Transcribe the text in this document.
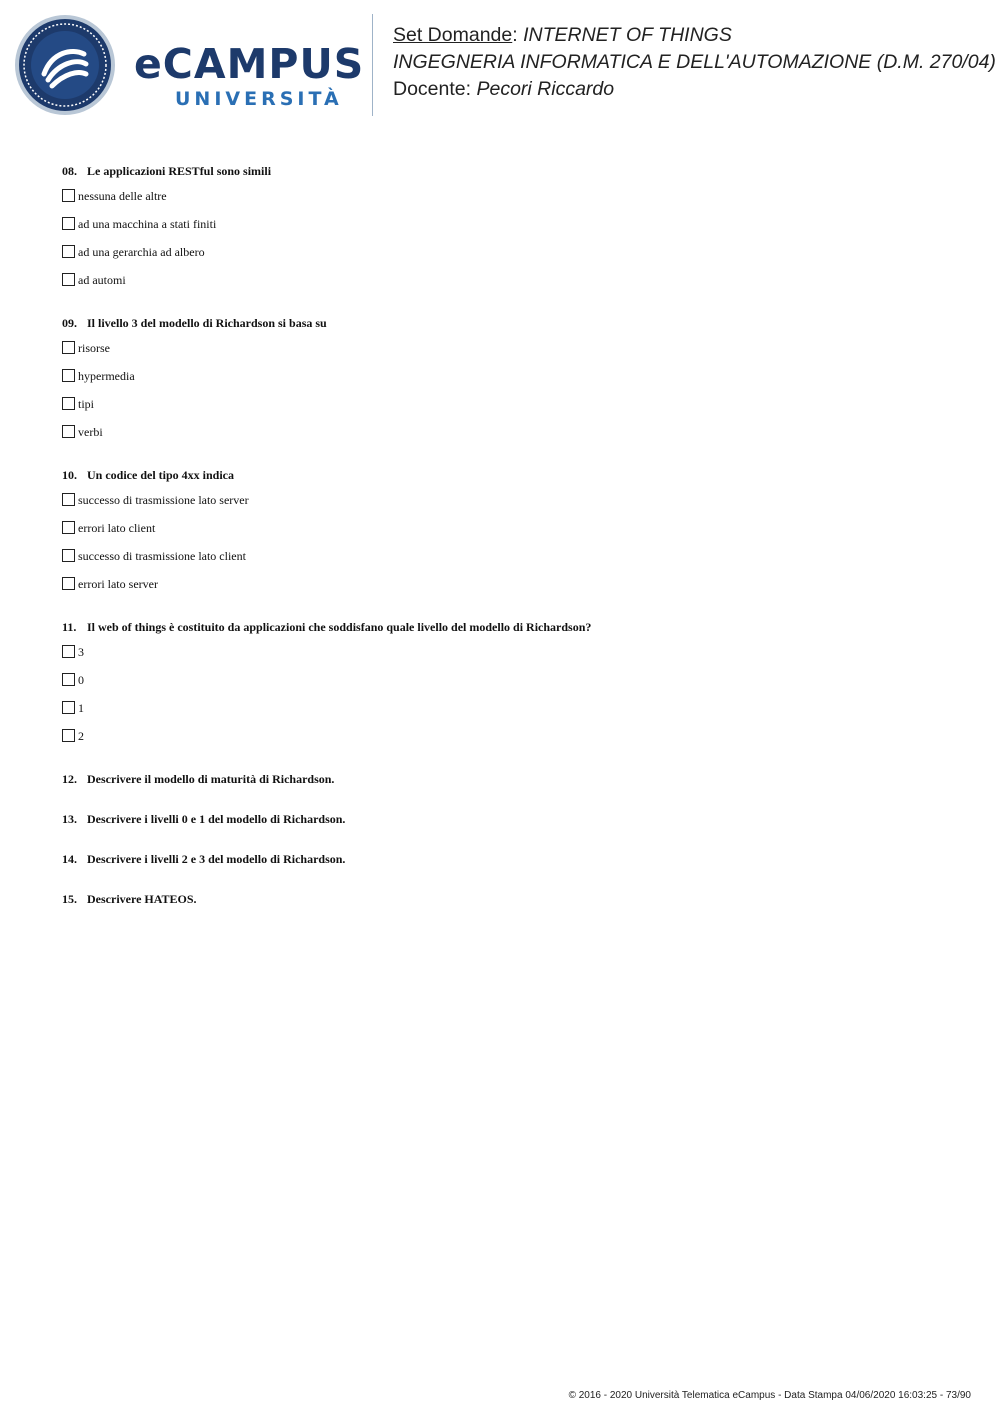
eCAMPUS
UNIVERSITÀ
Set Domande: INTERNET OF THINGS
INGEGNERIA INFORMATICA E DELL'AUTOMAZIONE (D.M. 270/04)
Docente: Pecori Riccardo
08. Le applicazioni RESTful sono simili
nessuna delle altre
ad una macchina a stati finiti
ad una gerarchia ad albero
ad automi
09. Il livello 3 del modello di Richardson si basa su
risorse
hypermedia
tipi
verbi
10. Un codice del tipo 4xx indica
successo di trasmissione lato server
errori lato client
successo di trasmissione lato client
errori lato server
11. Il web of things è costituito da applicazioni che soddisfano quale livello del modello di Richardson?
3
0
1
2
12. Descrivere il modello di maturità di Richardson.
13. Descrivere i livelli 0 e 1 del modello di Richardson.
14. Descrivere i livelli 2 e 3 del modello di Richardson.
15. Descrivere HATEOS.
© 2016 - 2020 Università Telematica eCampus - Data Stampa 04/06/2020 16:03:25 - 73/90
